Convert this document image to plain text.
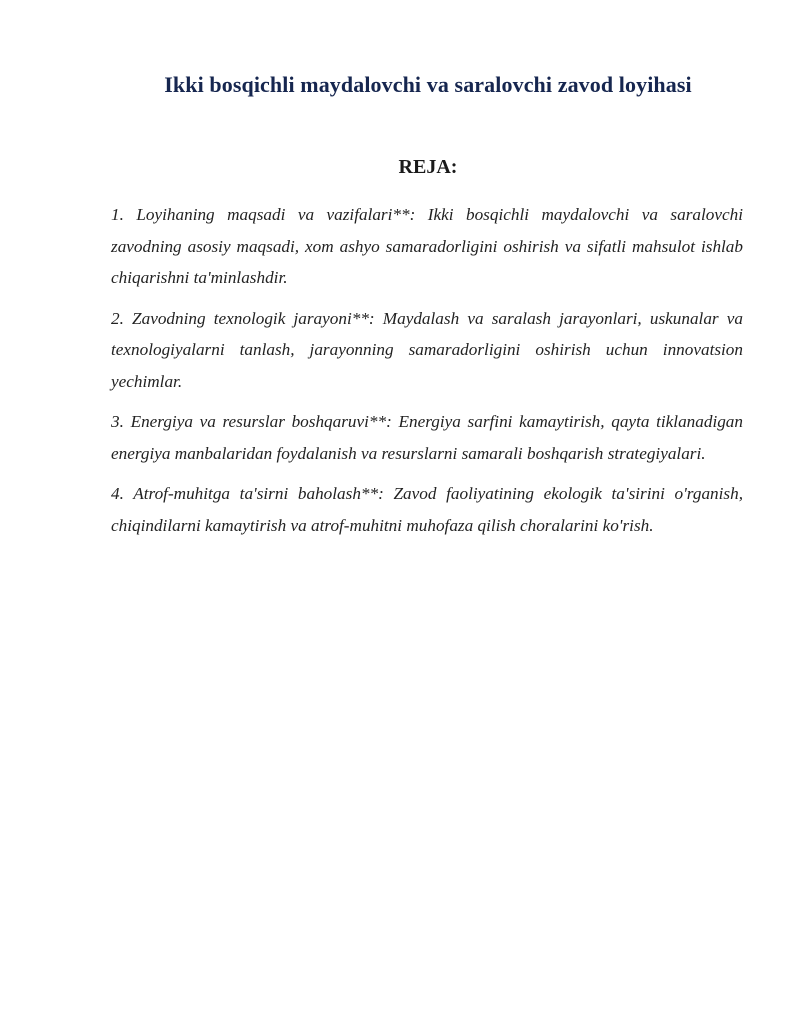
Ikki bosqichli maydalovchi va saralovchi zavod loyihasi
REJA:

1. Loyihaning maqsadi va vazifalari**: Ikki bosqichli maydalovchi va saralovchi zavodning asosiy maqsadi, xom ashyo samaradorligini oshirish va sifatli mahsulot ishlab chiqarishni ta'minlashdir.

2. Zavodning texnologik jarayoni**: Maydalash va saralash jarayonlari, uskunalar va texnologiyalarni tanlash, jarayonning samaradorligini oshirish uchun innovatsion yechimlar.

3. Energiya va resurslar boshqaruvi**: Energiya sarfini kamaytirish, qayta tiklanadigan energiya manbalaridan foydalanish va resurslarni samarali boshqarish strategiyalari.

4. Atrof-muhitga ta'sirni baholash**: Zavod faoliyatining ekologik ta'sirini o'rganish, chiqindilarni kamaytirish va atrof-muhitni muhofaza qilish choralarini ko'rish.
